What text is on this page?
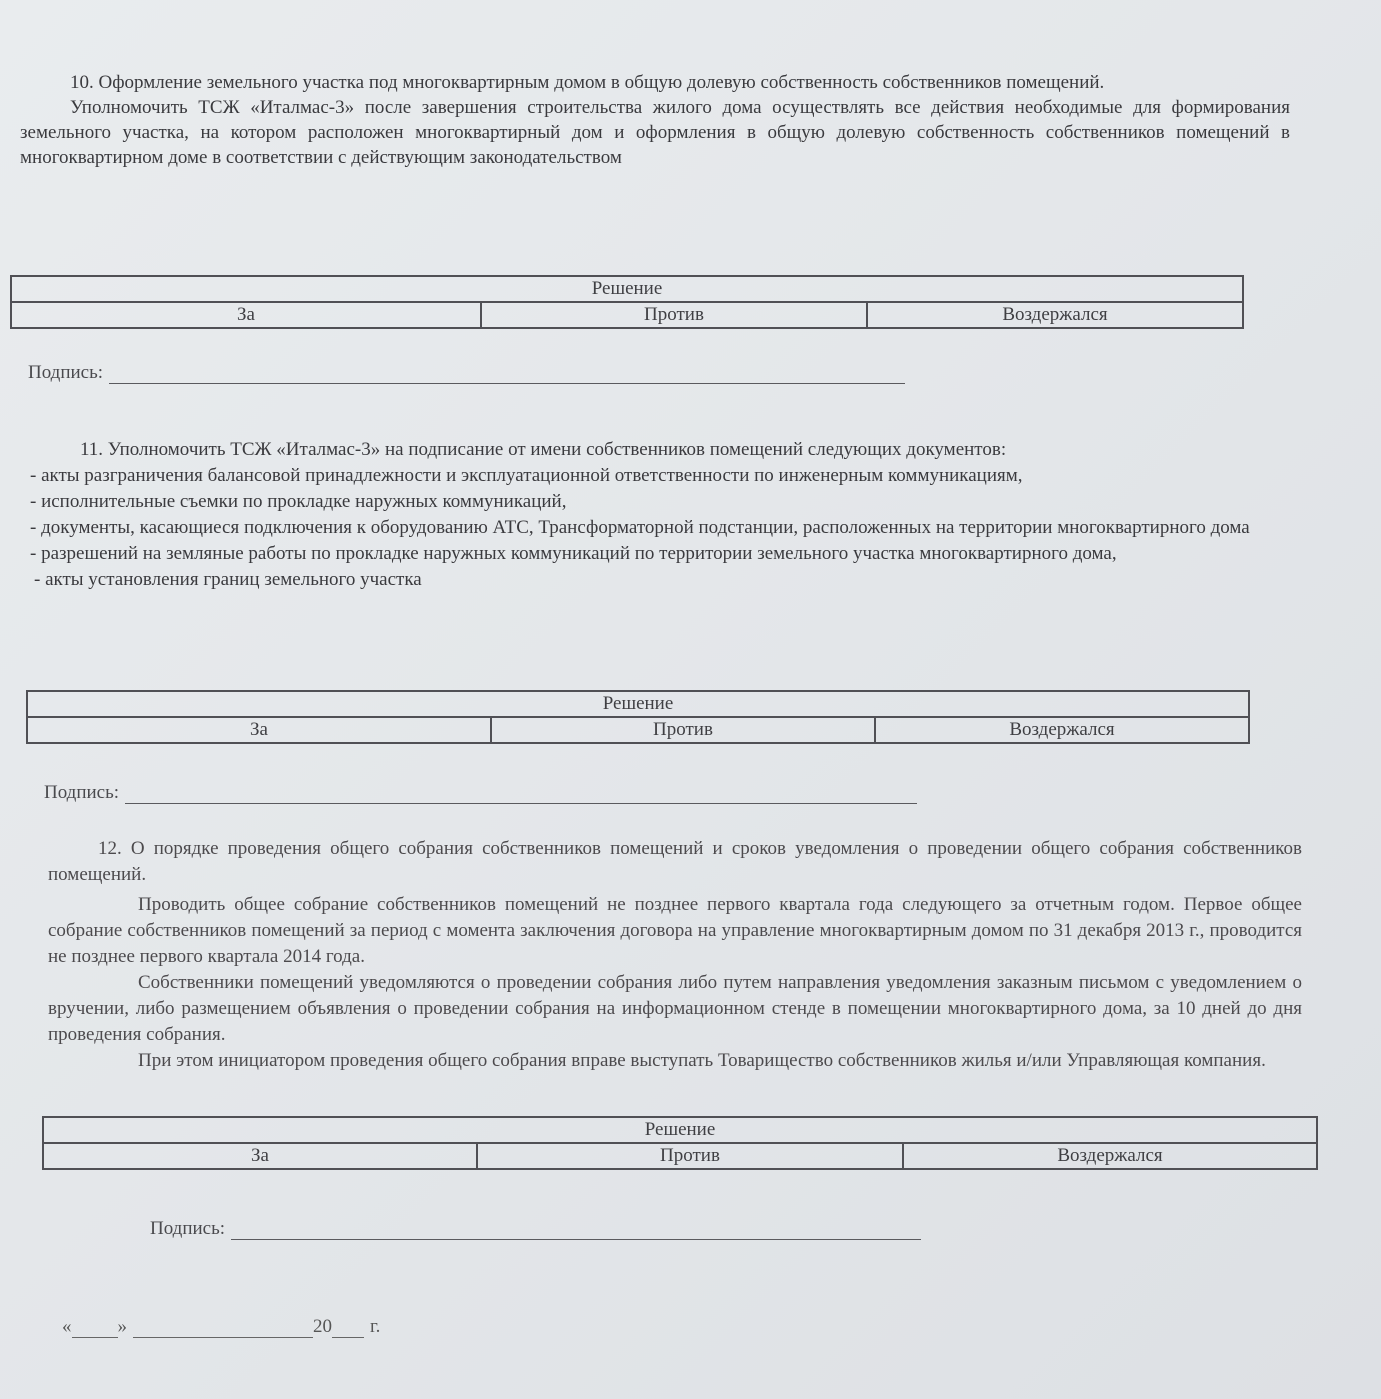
10. Оформление земельного участка под многоквартирным домом в общую долевую собственность собственников помещений.

Уполномочить ТСЖ «Италмас-3» после завершения строительства жилого дома осуществлять все действия необходимые для формирования земельного участка, на котором расположен многоквартирный дом и оформления в общую долевую собственность собственников помещений в многоквартирном доме в соответствии с действующим законодательством

Решение
За	Против	Воздержался
Подпись:

11. Уполномочить ТСЖ «Италмас-3» на подписание от имени собственников помещений следующих документов:

- акты разграничения балансовой принадлежности и эксплуатационной ответственности по инженерным коммуникациям,
- исполнительные съемки по прокладке наружных коммуникаций,

- документы, касающиеся подключения к оборудованию АТС, Трансформаторной подстанции, расположенных на территории многоквартирного дома

- разрешений на земляные работы по прокладке наружных коммуникаций по территории земельного участка многоквартирного дома,

- акты установления границ земельного участка
Решение
За	Против	Воздержался
Подпись:

12. О порядке проведения общего собрания собственников помещений и сроков уведомления о проведении общего собрания собственников помещений.

Проводить общее собрание собственников помещений не позднее первого квартала года следующего за отчетным годом. Первое общее собрание собственников помещений за период с момента заключения договора на управление многоквартирным домом по 31 декабря 2013 г., проводится не позднее первого квартала 2014 года.

Собственники помещений уведомляются о проведении собрания либо путем направления уведомления заказным письмом с уведомлением о вручении, либо размещением объявления о проведении собрания на информационном стенде в помещении многоквартирного дома, за 10 дней до дня проведения собрания.

При этом инициатором проведения общего собрания вправе выступать Товарищество собственников жилья и/или Управляющая компания.

Решение
За	Против	Воздержался
Подпись:
« »	20 г.
